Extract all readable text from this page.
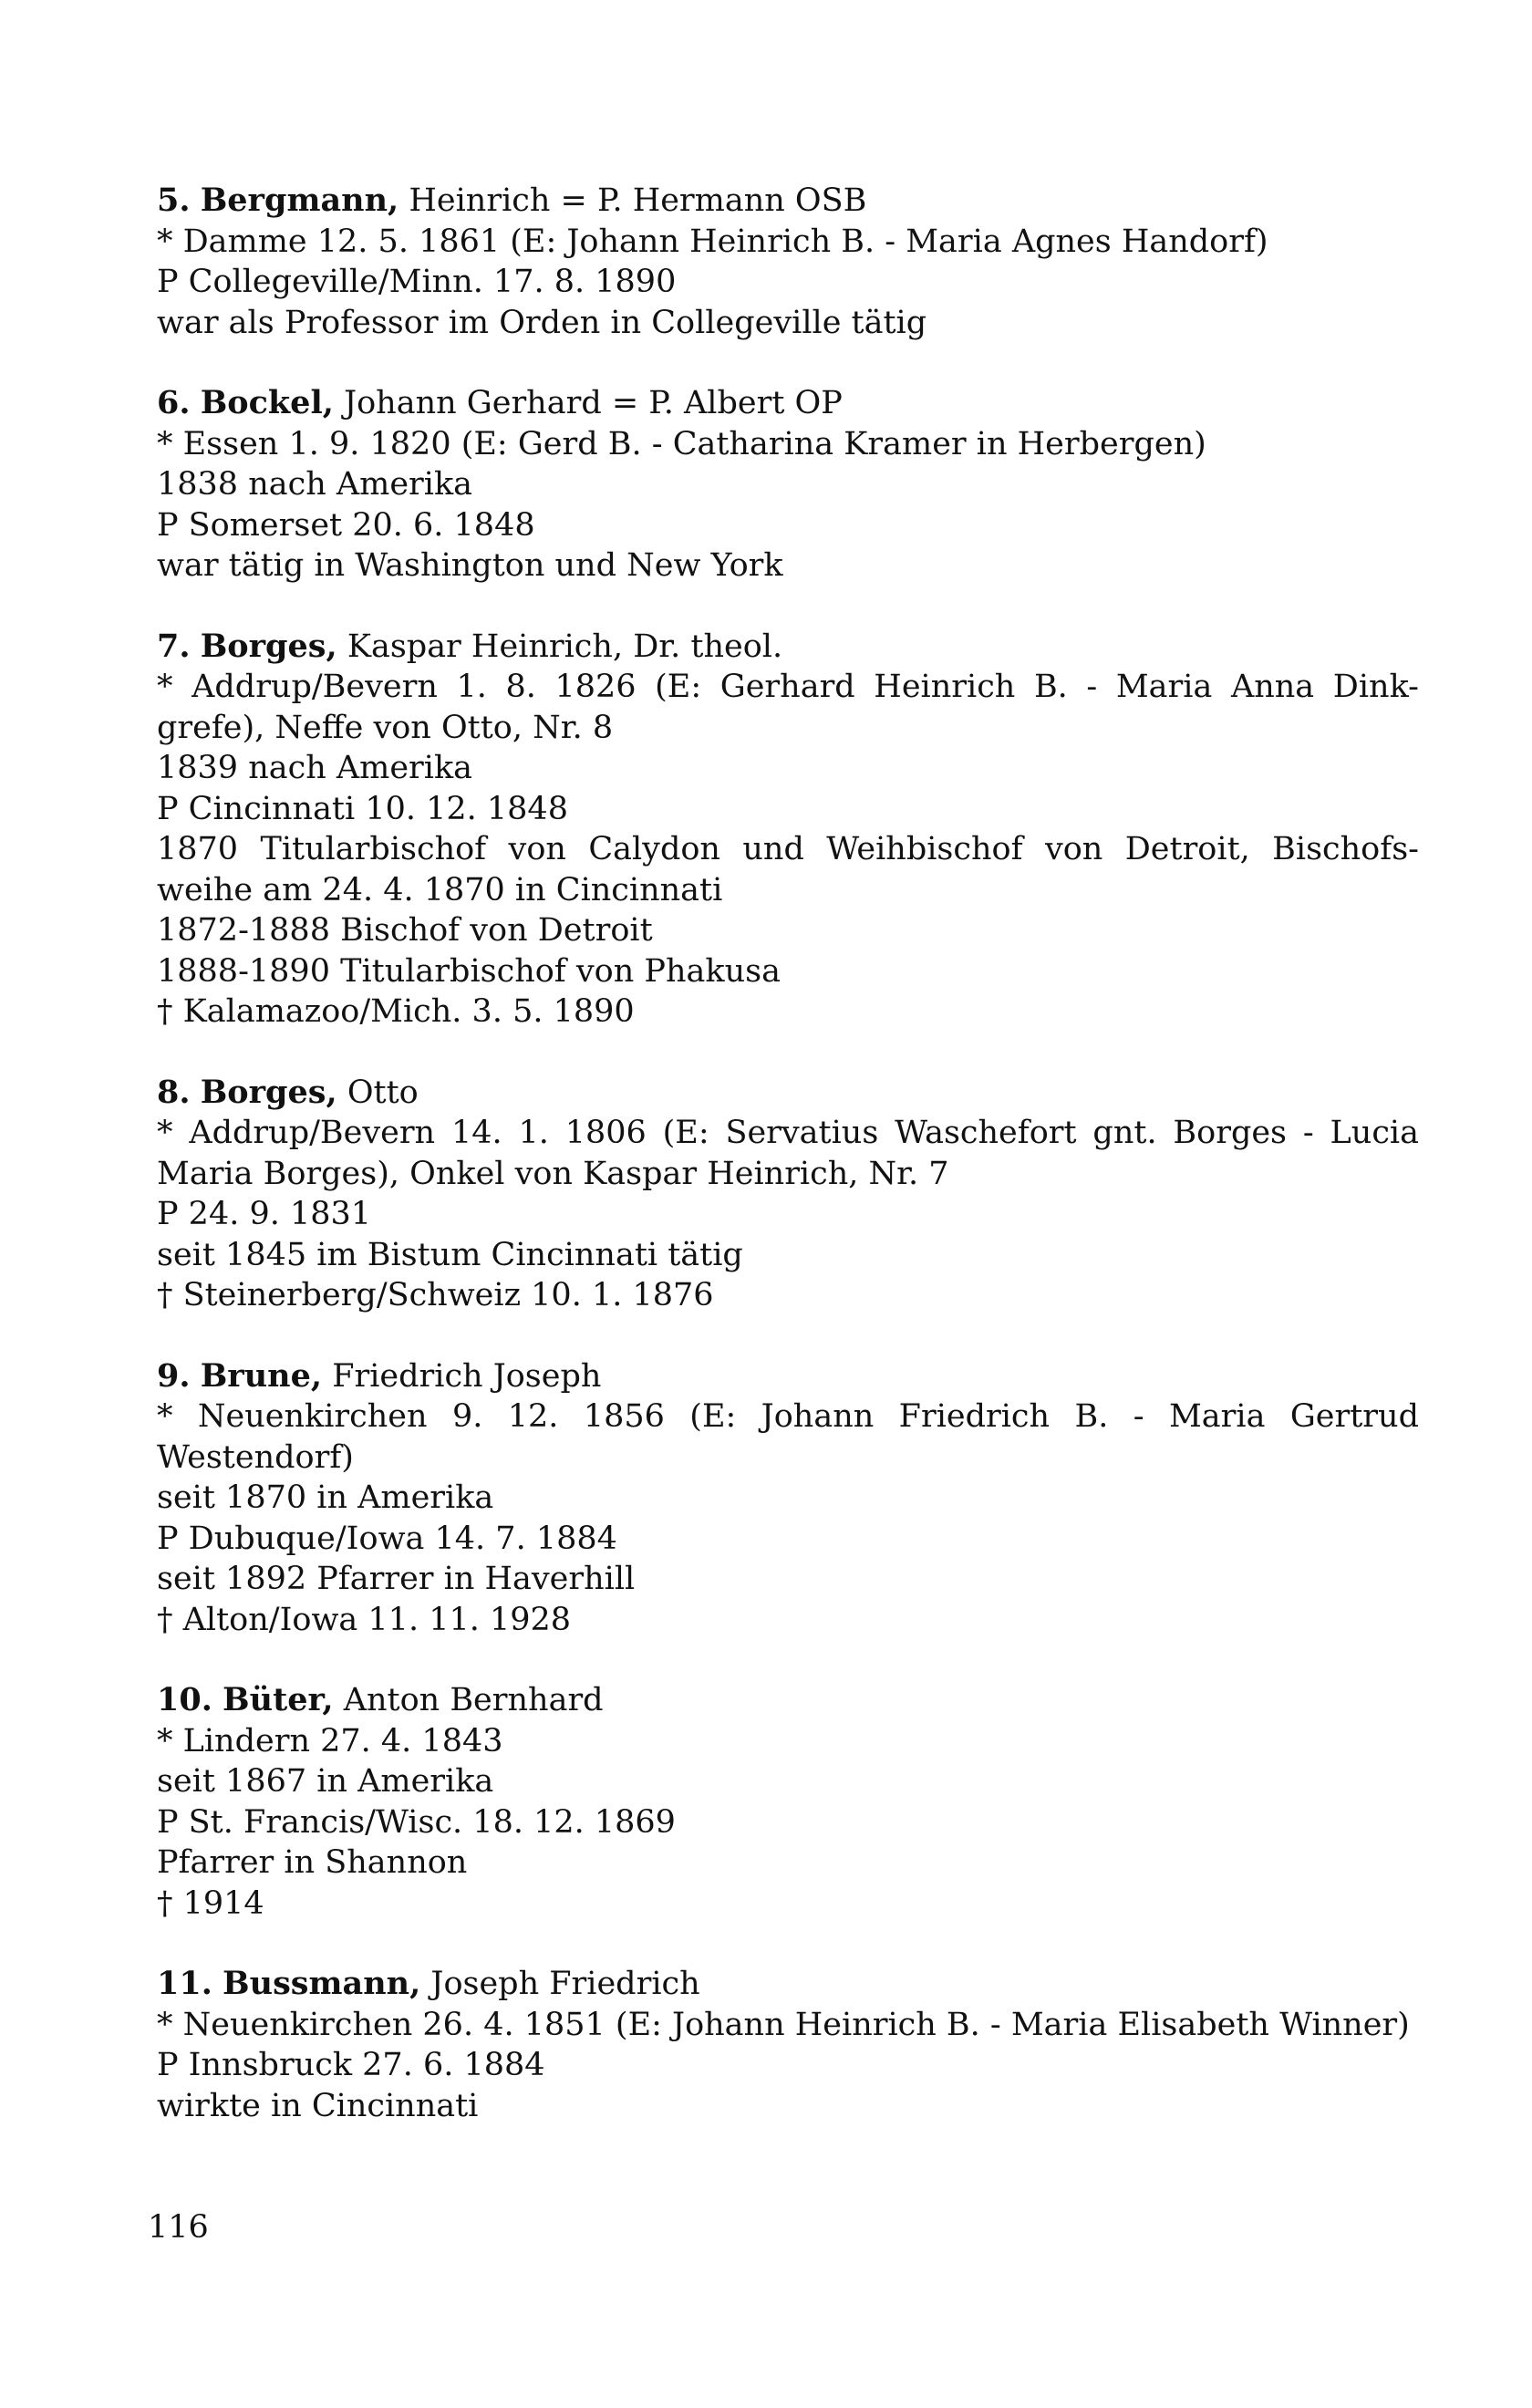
5. Bergmann, Heinrich = P. Hermann OSB
* Damme 12. 5. 1861 (E: Johann Heinrich B. - Maria Agnes Handorf)
P Collegeville/Minn. 17. 8. 1890
war als Professor im Orden in Collegeville tätig
6. Bockel, Johann Gerhard = P. Albert OP
* Essen 1. 9. 1820 (E: Gerd B. - Catharina Kramer in Herbergen)
1838 nach Amerika
P Somerset 20. 6. 1848
war tätig in Washington und New York
7. Borges, Kaspar Heinrich, Dr. theol.
* Addrup/Bevern 1. 8. 1826 (E: Gerhard Heinrich B. - Maria Anna Dink-
grefe), Neffe von Otto, Nr. 8
1839 nach Amerika
P Cincinnati 10. 12. 1848
1870 Titularbischof von Calydon und Weihbischof von Detroit, Bischofs-
weihe am 24. 4. 1870 in Cincinnati
1872-1888 Bischof von Detroit
1888-1890 Titularbischof von Phakusa
† Kalamazoo/Mich. 3. 5. 1890
8. Borges, Otto
* Addrup/Bevern 14. 1. 1806 (E: Servatius Waschefort gnt. Borges - Lucia
Maria Borges), Onkel von Kaspar Heinrich, Nr. 7
P 24. 9. 1831
seit 1845 im Bistum Cincinnati tätig
† Steinerberg/Schweiz 10. 1. 1876
9. Brune, Friedrich Joseph
* Neuenkirchen 9. 12. 1856 (E: Johann Friedrich B. - Maria Gertrud
Westendorf)
seit 1870 in Amerika
P Dubuque/Iowa 14. 7. 1884
seit 1892 Pfarrer in Haverhill
† Alton/Iowa 11. 11. 1928
10. Büter, Anton Bernhard
* Lindern 27. 4. 1843
seit 1867 in Amerika
P St. Francis/Wisc. 18. 12. 1869
Pfarrer in Shannon
† 1914
11. Bussmann, Joseph Friedrich
* Neuenkirchen 26. 4. 1851 (E: Johann Heinrich B. - Maria Elisabeth Winner)
P Innsbruck 27. 6. 1884
wirkte in Cincinnati
116
